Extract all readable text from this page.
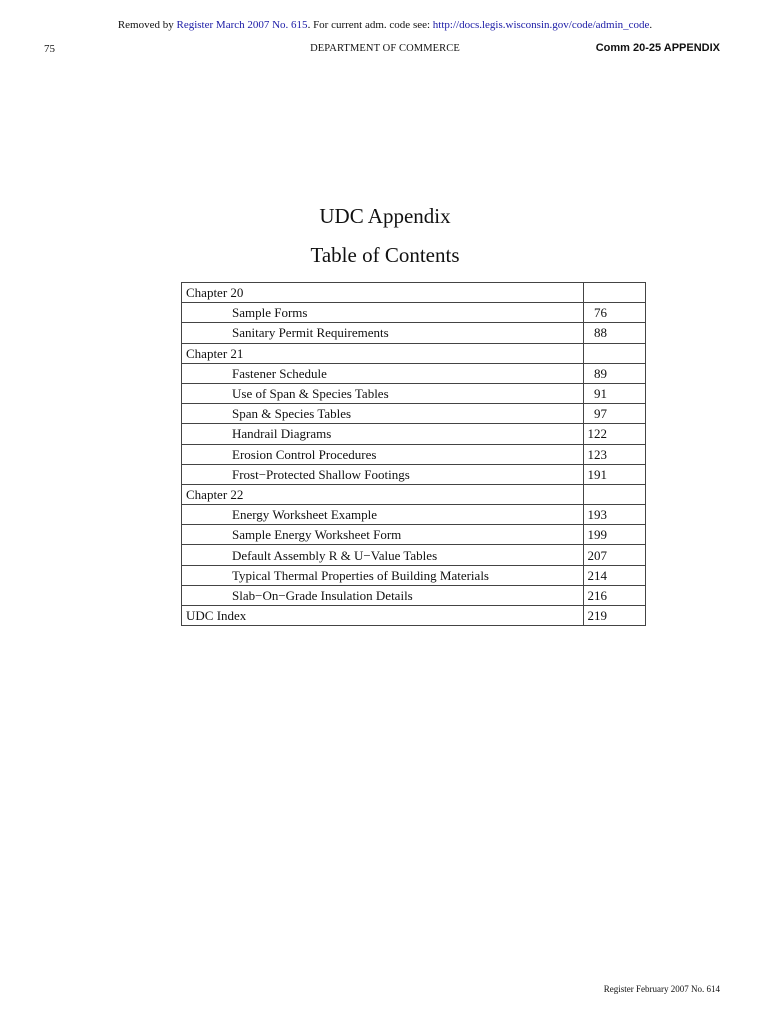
Removed by Register March 2007 No. 615. For current adm. code see: http://docs.legis.wisconsin.gov/code/admin_code.
75	DEPARTMENT OF COMMERCE	Comm 20-25 APPENDIX
UDC Appendix
Table of Contents
Chapter 20	
Sample Forms	76
Sanitary Permit Requirements	88
Chapter 21	
Fastener Schedule	89
Use of Span & Species Tables	91
Span & Species Tables	97
Handrail Diagrams	122
Erosion Control Procedures	123
Frost−Protected Shallow Footings	191
Chapter 22	
Energy Worksheet Example	193
Sample Energy Worksheet Form	199
Default Assembly R & U−Value Tables	207
Typical Thermal Properties of Building Materials	214
Slab−On−Grade Insulation Details	216
UDC Index	219
Register February 2007 No. 614
